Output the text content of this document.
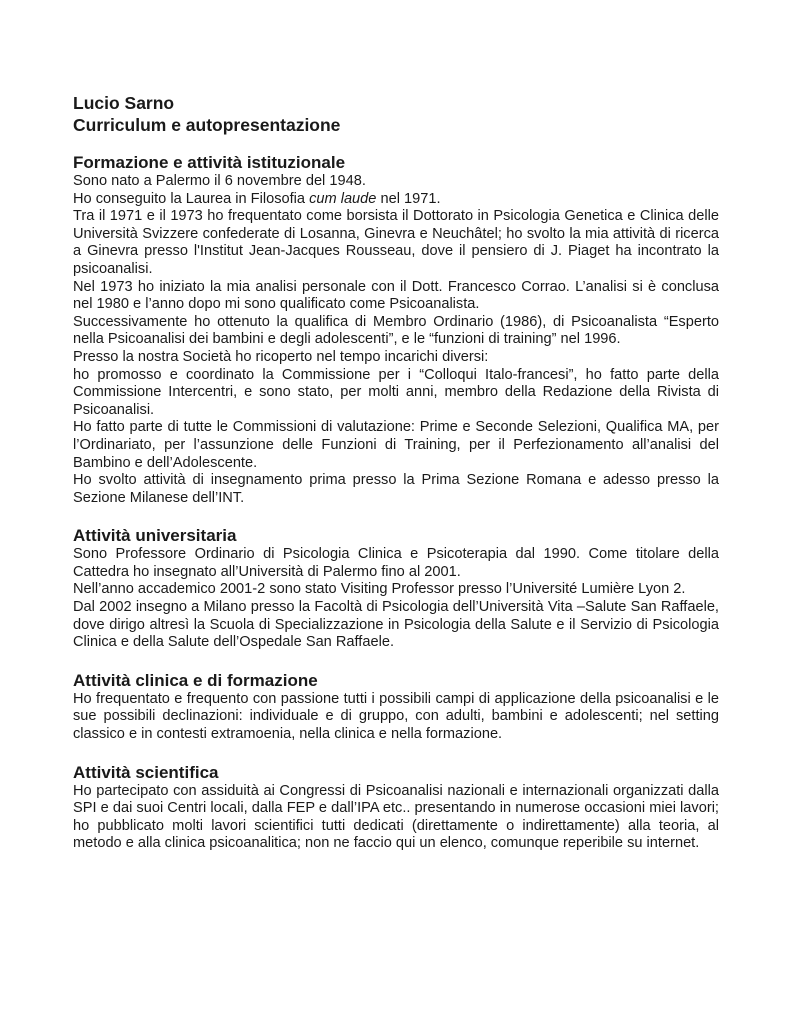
Lucio Sarno
Curriculum e autopresentazione
Formazione e attività istituzionale

Sono nato a Palermo il 6 novembre del 1948.

Ho conseguito la Laurea in Filosofia cum laude nel 1971.

Tra il 1971 e il 1973 ho frequentato come borsista il Dottorato in Psicologia Genetica e Clinica delle Università Svizzere confederate di Losanna, Ginevra e Neuchâtel; ho svolto la mia attività di ricerca a Ginevra presso l'Institut Jean-Jacques Rousseau, dove il pensiero di J. Piaget ha incontrato la psicoanalisi.

Nel 1973 ho iniziato la mia analisi personale con il Dott. Francesco Corrao. L’analisi si è conclusa nel 1980 e l’anno dopo mi sono qualificato come Psicoanalista.

Successivamente ho ottenuto la qualifica di Membro Ordinario (1986), di Psicoanalista “Esperto nella Psicoanalisi dei bambini e degli adolescenti”, e le “funzioni di training” nel 1996.

Presso la nostra Società ho ricoperto nel tempo incarichi diversi:

ho promosso e coordinato la Commissione per i “Colloqui Italo-francesi”, ho fatto parte della Commissione Intercentri, e sono stato, per molti anni, membro della Redazione della Rivista di Psicoanalisi.

Ho fatto parte di tutte le Commissioni di valutazione: Prime e Seconde Selezioni, Qualifica MA, per l’Ordinariato, per l’assunzione delle Funzioni di Training, per il Perfezionamento all’analisi del Bambino e dell’Adolescente.

Ho svolto attività di insegnamento prima presso la Prima Sezione Romana e adesso presso la Sezione Milanese dell’INT.

Attività universitaria

Sono Professore Ordinario di Psicologia Clinica e Psicoterapia dal 1990. Come titolare della Cattedra ho insegnato all’Università di Palermo fino al 2001.

Nell’anno accademico 2001-2 sono stato Visiting Professor presso l’Université Lumière Lyon 2.

Dal 2002 insegno a Milano presso la Facoltà di Psicologia dell’Università Vita –Salute San Raffaele, dove dirigo altresì la Scuola di Specializzazione in Psicologia della Salute e il Servizio di Psicologia Clinica e della Salute dell’Ospedale San Raffaele.

Attività clinica e di formazione

Ho frequentato e frequento con passione tutti i possibili campi di applicazione della psicoanalisi e le sue possibili declinazioni: individuale e di gruppo, con adulti, bambini e adolescenti; nel setting classico e in contesti extramoenia, nella clinica e nella formazione.

Attività scientifica

Ho partecipato con assiduità ai Congressi di Psicoanalisi nazionali e internazionali organizzati dalla SPI e dai suoi Centri locali, dalla FEP e dall’IPA etc.. presentando in numerose occasioni miei lavori; ho pubblicato molti lavori scientifici tutti dedicati (direttamente o indirettamente) alla teoria, al metodo e alla clinica psicoanalitica; non ne faccio qui un elenco, comunque reperibile su internet.
